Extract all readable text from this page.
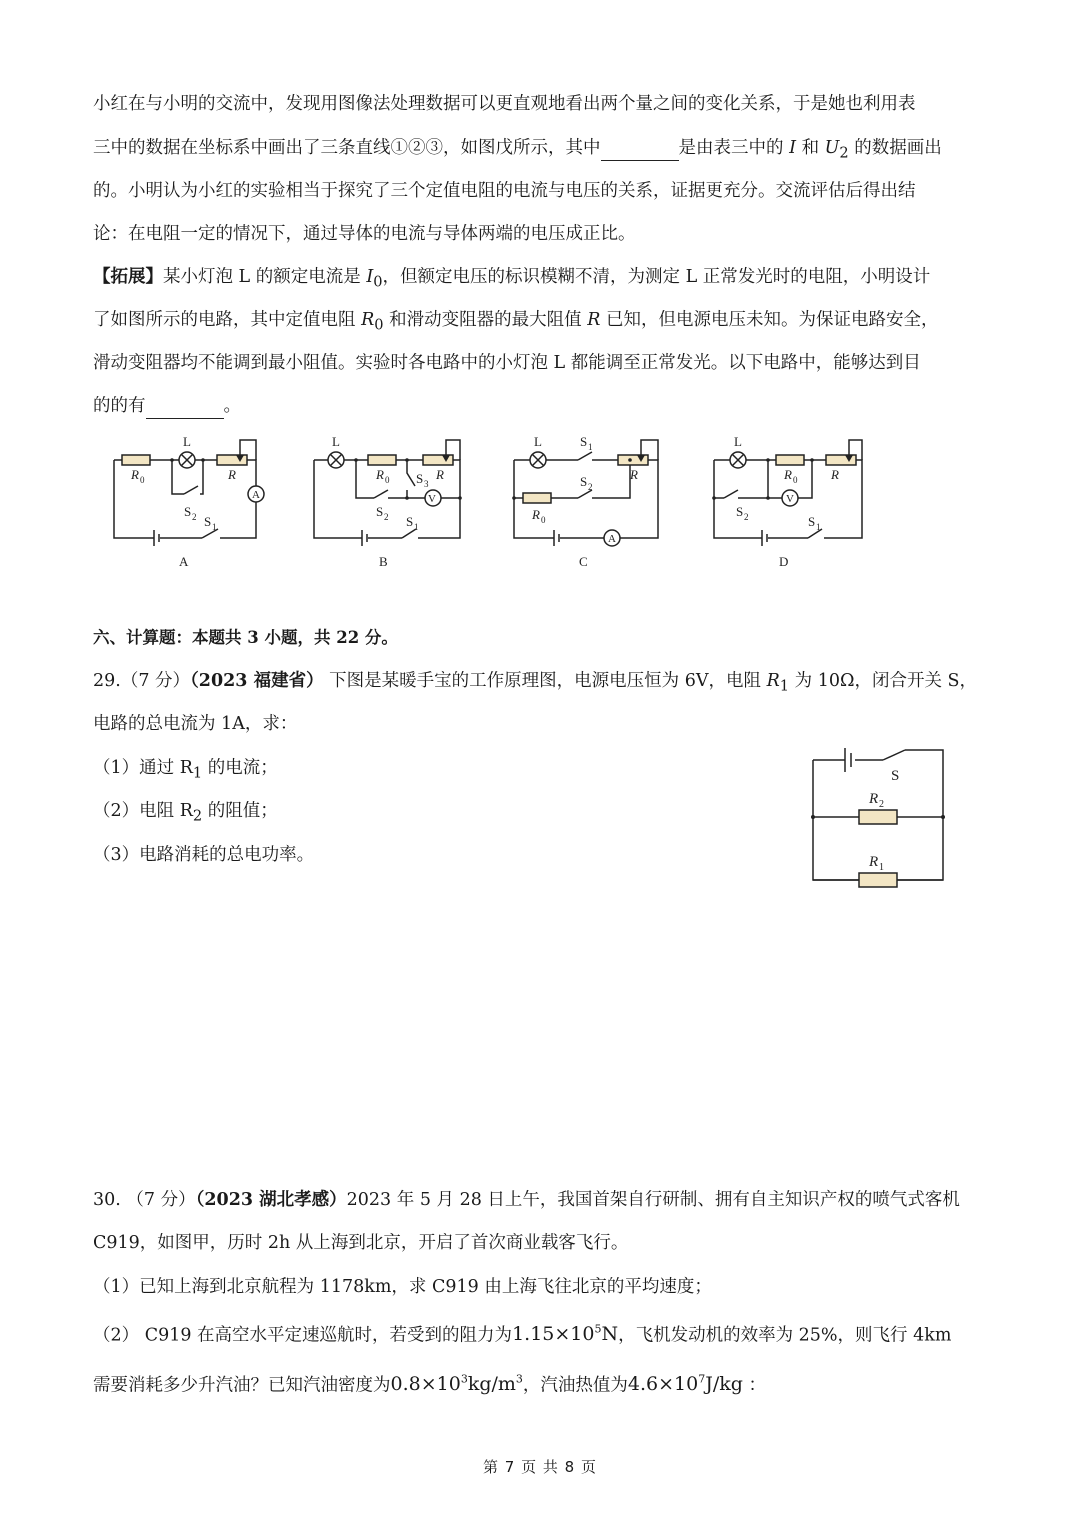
小红在与小明的交流中，发现用图像法处理数据可以更直观地看出两个量之间的变化关系，于是她也利用表
三中的数据在坐标系中画出了三条直线①②③，如图戊所示，其中	是由表三中的 I 和 $U_2$ 的数据画出
的。小明认为小红的实验相当于探究了三个定值电阻的电流与电压的关系，证据更充分。交流评估后得出结
论：在电阻一定的情况下，通过导体的电流与导体两端的电压成正比。
【拓展】某小灯泡 L 的额定电流是 $I_0$，但额定电压的标识模糊不清，为测定 L 正常发光时的电阻，小明设计
了如图所示的电路，其中定值电阻 $R_0$ 和滑动变阻器的最大阻值 R 已知，但电源电压未知。为保证电路安全，
滑动变阻器均不能调到最小阻值。实验时各电路中的小灯泡 L 都能调至正常发光。以下电路中，能够达到目
的的有	。
L
R 0	R
A
S 2 S 1
A
L
R 0	R
S 3
V
S 2 S 1
B
L	S 1
R
S 2
R 0
A
C
L
R 0	R
V
S 2	S 1
D
六、计算题：本题共 3 小题，共 22 分。
29.（7 分）（2023 福建省） 下图是某暖手宝的工作原理图，电源电压恒为 6V，电阻 $R_1$ 为 10Ω，闭合开关 S，
电路的总电流为 1A，求：
（1）通过 $R_1$ 的电流；
（2）电阻 $R_2$ 的阻值；
（3）电路消耗的总电功率。
S
R 2
R 1
30. （7 分）（2023 湖北孝感）2023 年 5 月 28 日上午，我国首架自行研制、拥有自主知识产权的喷气式客机
C919，如图甲，历时 2h 从上海到北京，开启了首次商业载客飞行。
（1）已知上海到北京航程为 1178km，求 C919 由上海飞往北京的平均速度；
（2） C919 在高空水平定速巡航时，若受到的阻力为$1.15\times 10^5N$，飞机发动机的效率为 25%，则飞行 4km
需要消耗多少升汽油？已知汽油密度为$0.8\times 10^3kg/m^3$，汽油热值为$4.6\times 10^7J/kg$ ：
第 7 页 共 8 页
